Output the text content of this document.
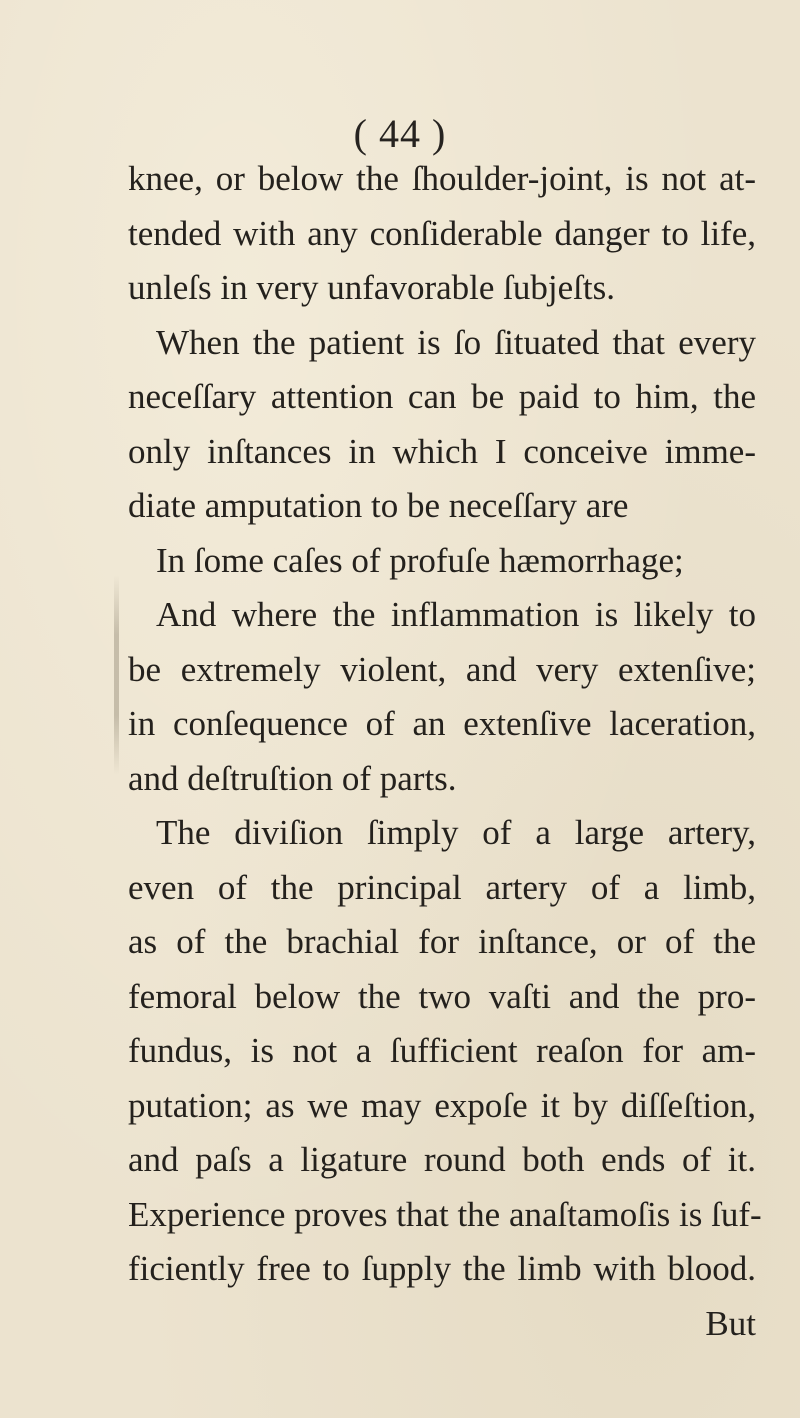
( 44 )
knee, or below the ſhoulder-joint, is not at-
tended with any conſiderable danger to life,
unleſs in very unfavorable ſubjeſts.
When the patient is ſo ſituated that every
neceſſary attention can be paid to him, the
only inſtances in which I conceive imme-
diate amputation to be neceſſary are
In ſome caſes of profuſe hæmorrhage;
And where the inflammation is likely to
be extremely violent, and very extenſive;
in conſequence of an extenſive laceration,
and deſtruſtion of parts.
The diviſion ſimply of a large artery,
even of the principal artery of a limb,
as of the brachial for inſtance, or of the
femoral below the two vaſti and the pro-
fundus, is not a ſufficient reaſon for am-
putation; as we may expoſe it by diſſeſtion,
and paſs a ligature round both ends of it.
Experience proves that the anaſtamoſis is ſuf-
ficiently free to ſupply the limb with blood.
But
